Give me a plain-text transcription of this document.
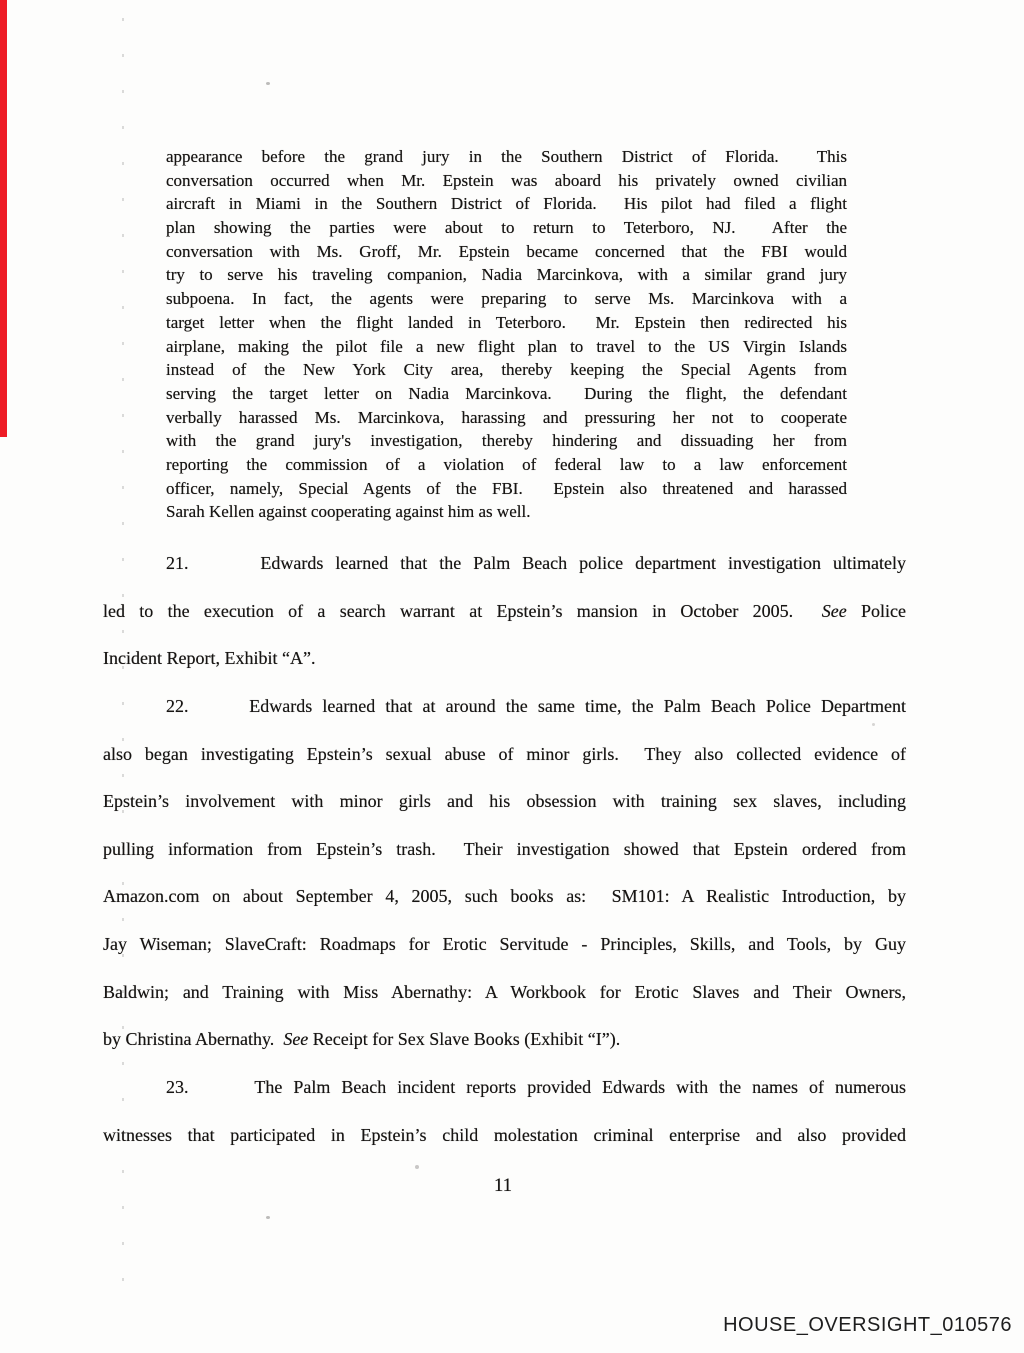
appearance before the grand jury in the Southern District of Florida.  This
conversation occurred when Mr. Epstein was aboard his privately owned civilian
aircraft in Miami in the Southern District of Florida.  His pilot had filed a flight
plan showing the parties were about to return to Teterboro, NJ.  After the
conversation with Ms. Groff, Mr. Epstein became concerned that the FBI would
try to serve his traveling companion, Nadia Marcinkova, with a similar grand jury
subpoena. In fact, the agents were preparing to serve Ms. Marcinkova with a
target letter when the flight landed in Teterboro.  Mr. Epstein then redirected his
airplane, making the pilot file a new flight plan to travel to the US Virgin Islands
instead of the New York City area, thereby keeping the Special Agents from
serving the target letter on Nadia Marcinkova.  During the flight, the defendant
verbally harassed Ms. Marcinkova, harassing and pressuring her not to cooperate
with the grand jury's investigation, thereby hindering and dissuading her from
reporting the commission of a violation of federal law to a law enforcement
officer, namely, Special Agents of the FBI.  Epstein also threatened and harassed
Sarah Kellen against cooperating against him as well.
21.      Edwards learned that the Palm Beach police department investigation ultimately
led to the execution of a search warrant at Epstein’s mansion in October 2005.  See Police
Incident Report, Exhibit “A”.
22.      Edwards learned that at around the same time, the Palm Beach Police Department
also began investigating Epstein’s sexual abuse of minor girls.  They also collected evidence of
Epstein’s involvement with minor girls and his obsession with training sex slaves, including
pulling information from Epstein’s trash.  Their investigation showed that Epstein ordered from
Amazon.com on about September 4, 2005, such books as:  SM101: A Realistic Introduction, by
Jay Wiseman; SlaveCraft: Roadmaps for Erotic Servitude - Principles, Skills, and Tools, by Guy
Baldwin; and Training with Miss Abernathy: A Workbook for Erotic Slaves and Their Owners,
by Christina Abernathy.  See Receipt for Sex Slave Books (Exhibit “I”).
23.      The Palm Beach incident reports provided Edwards with the names of numerous
witnesses that participated in Epstein’s child molestation criminal enterprise and also provided
11
HOUSE_OVERSIGHT_010576
